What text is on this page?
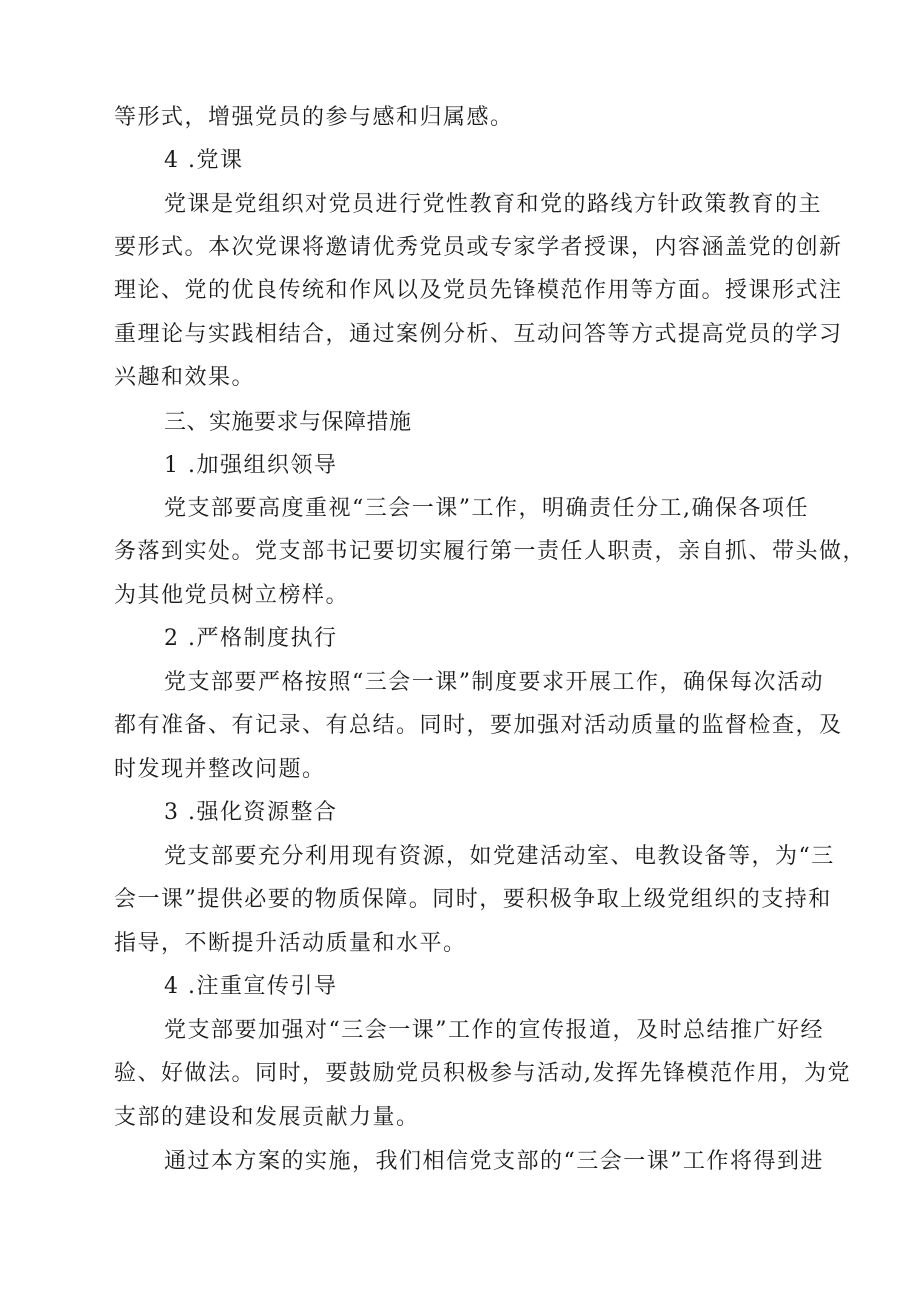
等形式，增强党员的参与感和归属感。
4 .党课
党课是党组织对党员进行党性教育和党的路线方针政策教育的主
要形式。本次党课将邀请优秀党员或专家学者授课，内容涵盖党的创新
理论、党的优良传统和作风以及党员先锋模范作用等方面。授课形式注
重理论与实践相结合，通过案例分析、互动问答等方式提高党员的学习
兴趣和效果。
三、实施要求与保障措施
1 .加强组织领导
党支部要高度重视“三会一课”工作，明确责任分工,确保各项任
务落到实处。党支部书记要切实履行第一责任人职责，亲自抓、带头做，
为其他党员树立榜样。
2 .严格制度执行
党支部要严格按照“三会一课”制度要求开展工作，确保每次活动
都有准备、有记录、有总结。同时，要加强对活动质量的监督检查，及
时发现并整改问题。
3 .强化资源整合
党支部要充分利用现有资源，如党建活动室、电教设备等，为“三
会一课”提供必要的物质保障。同时，要积极争取上级党组织的支持和
指导，不断提升活动质量和水平。
4 .注重宣传引导
党支部要加强对“三会一课”工作的宣传报道，及时总结推广好经
验、好做法。同时，要鼓励党员积极参与活动,发挥先锋模范作用，为党
支部的建设和发展贡献力量。
通过本方案的实施，我们相信党支部的“三会一课”工作将得到进
